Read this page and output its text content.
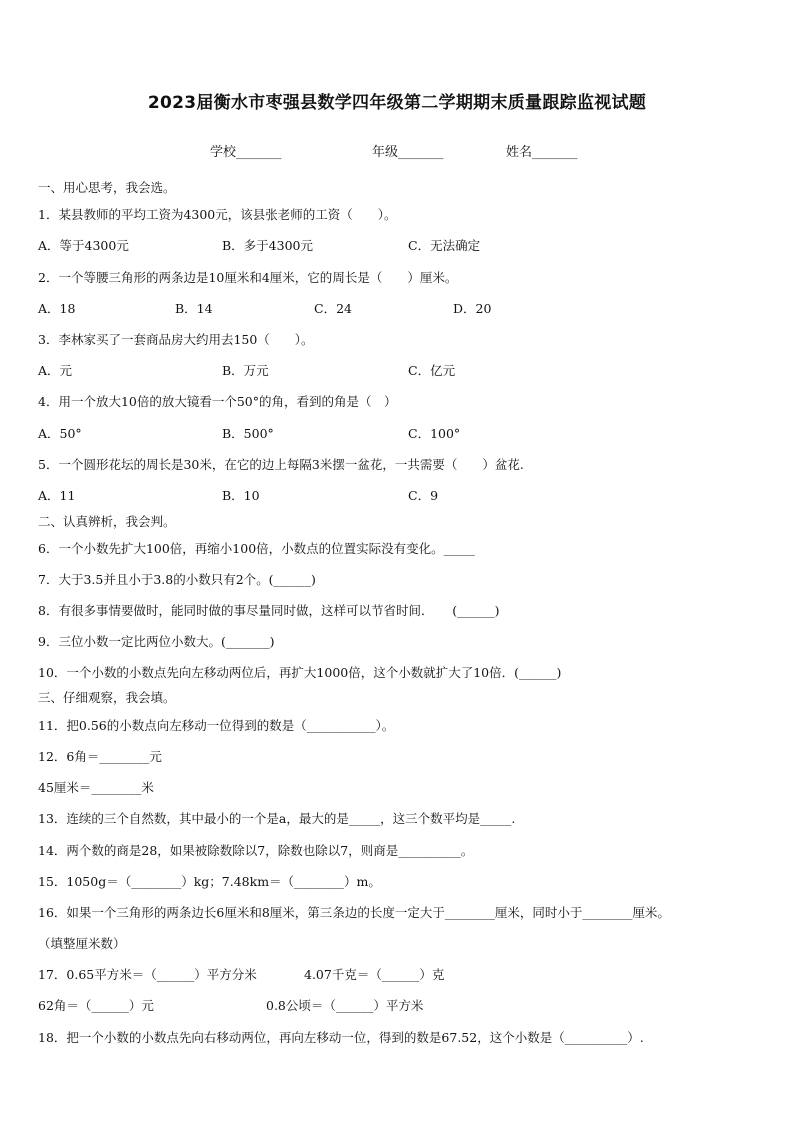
2023届衡水市枣强县数学四年级第二学期期末质量跟踪监视试题
学校_______	年级_______	姓名_______
一、用心思考，我会选。
1．某县教师的平均工资为4300元，该县张老师的工资（　　）。
A．等于4300元	B．多于4300元	C．无法确定
2．一个等腰三角形的两条边是10厘米和4厘米，它的周长是（　　）厘米。
A．18	B．14	C．24	D．20
3．李林家买了一套商品房大约用去150（　　）。
A．元	B．万元	C．亿元
4．用一个放大10倍的放大镜看一个50°的角，看到的角是（　）
A．50°	B．500°	C．100°
5．一个圆形花坛的周长是30米，在它的边上每隔3米摆一盆花，一共需要（　　）盆花.
A．11	B．10	C．9
二、认真辨析，我会判。
6．一个小数先扩大100倍，再缩小100倍，小数点的位置实际没有变化。_____
7．大于3.5并且小于3.8的小数只有2个。(______)
8．有很多事情要做时，能同时做的事尽量同时做，这样可以节省时间．　　(______)
9．三位小数一定比两位小数大。(_______)
10．一个小数的小数点先向左移动两位后，再扩大1000倍，这个小数就扩大了10倍．(______)
三、仔细观察，我会填。
11．把0.56的小数点向左移动一位得到的数是（___________）。
12．6角＝________元
45厘米＝________米
13．连续的三个自然数，其中最小的一个是a，最大的是_____，这三个数平均是_____.
14．两个数的商是28，如果被除数除以7，除数也除以7，则商是__________。
15．1050g＝（________）kg；7.48km＝（________）m。
16．如果一个三角形的两条边长6厘米和8厘米，第三条边的长度一定大于________厘米，同时小于________厘米。
（填整厘米数）
17．0.65平方米＝（______）平方分米	4.07千克＝（______）克
62角＝（______）元	0.8公顷＝（______）平方米
18．把一个小数的小数点先向右移动两位，再向左移动一位，得到的数是67.52，这个小数是（__________）.
